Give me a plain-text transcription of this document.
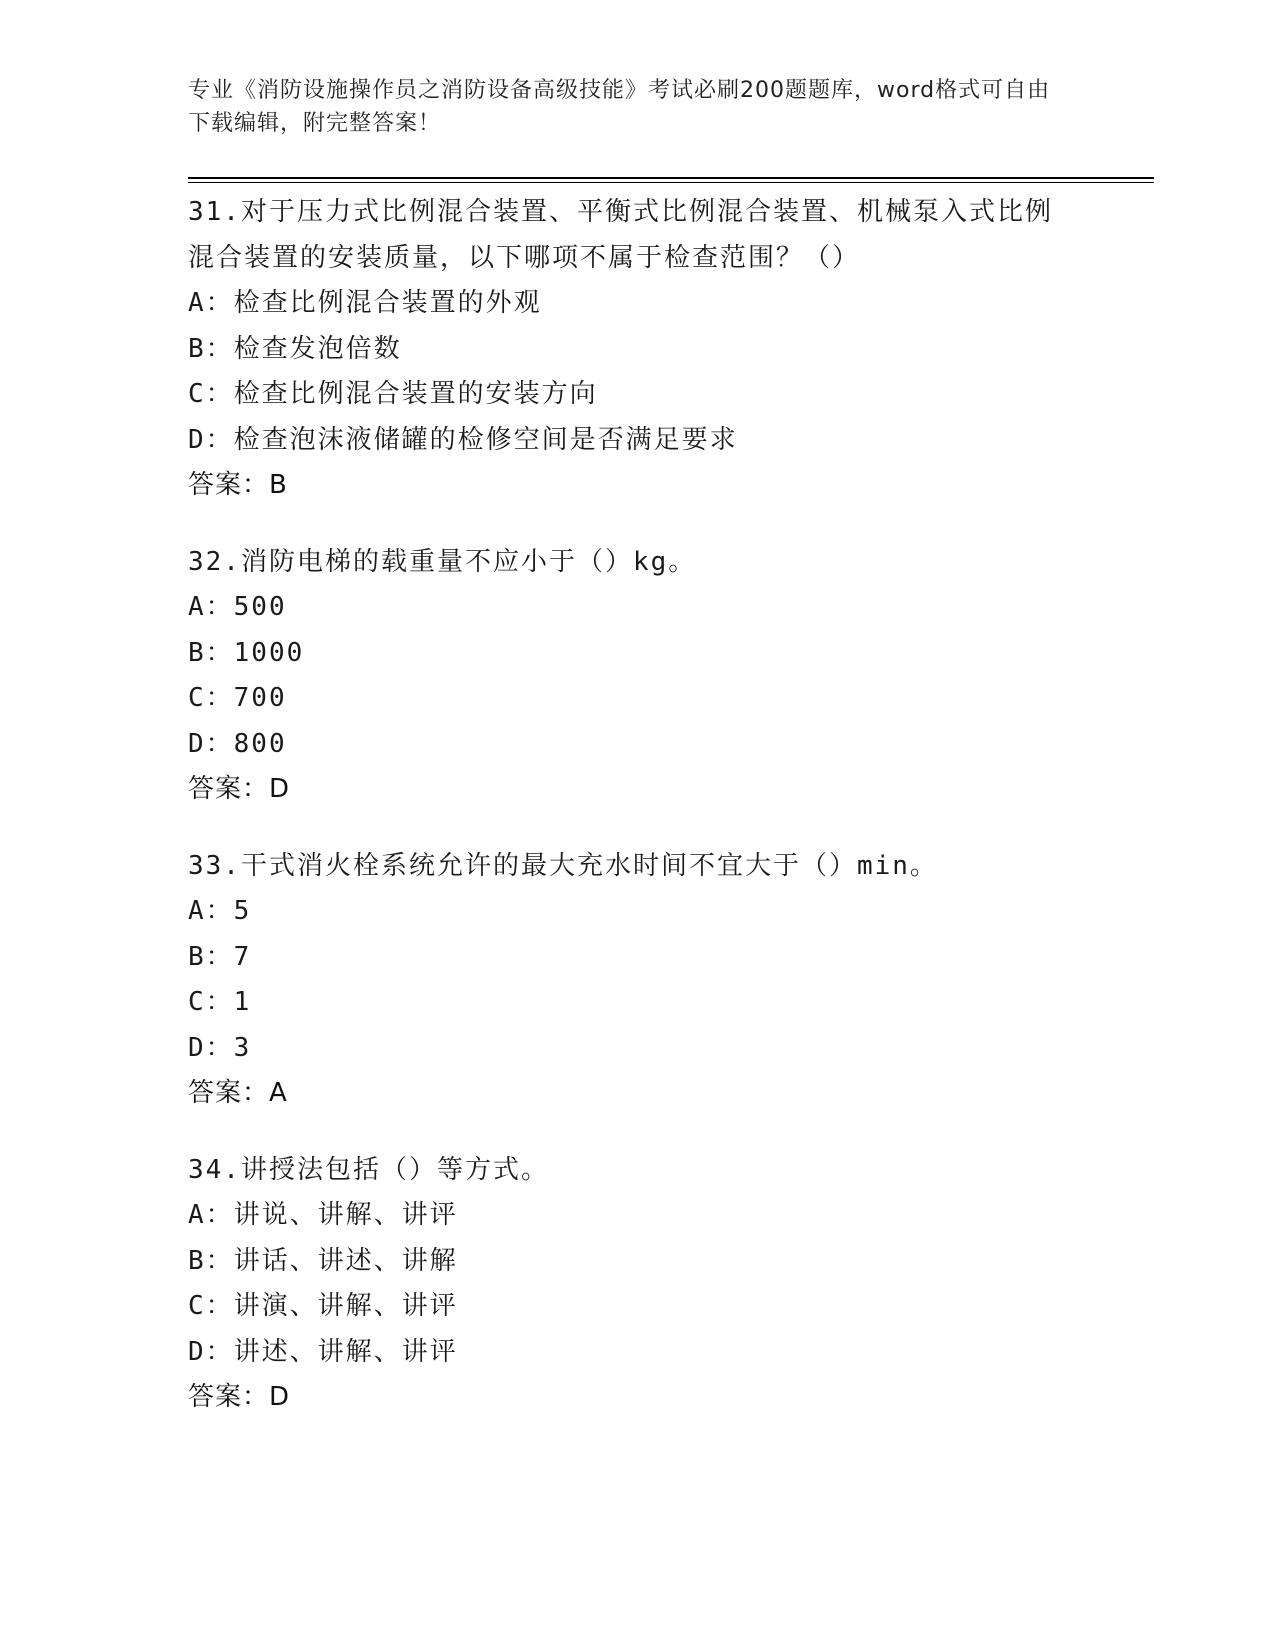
专业《消防设施操作员之消防设备高级技能》考试必刷200题题库，word格式可自由下载编辑，附完整答案！
31.对于压力式比例混合装置、平衡式比例混合装置、机械泵入式比例混合装置的安装质量，以下哪项不属于检查范围？（）
A：检查比例混合装置的外观
B：检查发泡倍数
C：检查比例混合装置的安装方向
D：检查泡沫液储罐的检修空间是否满足要求
答案：B
32.消防电梯的载重量不应小于（）kg。
A：500
B：1000
C：700
D：800
答案：D
33.干式消火栓系统允许的最大充水时间不宜大于（）min。
A：5
B：7
C：1
D：3
答案：A
34.讲授法包括（）等方式。
A：讲说、讲解、讲评
B：讲话、讲述、讲解
C：讲演、讲解、讲评
D：讲述、讲解、讲评
答案：D
